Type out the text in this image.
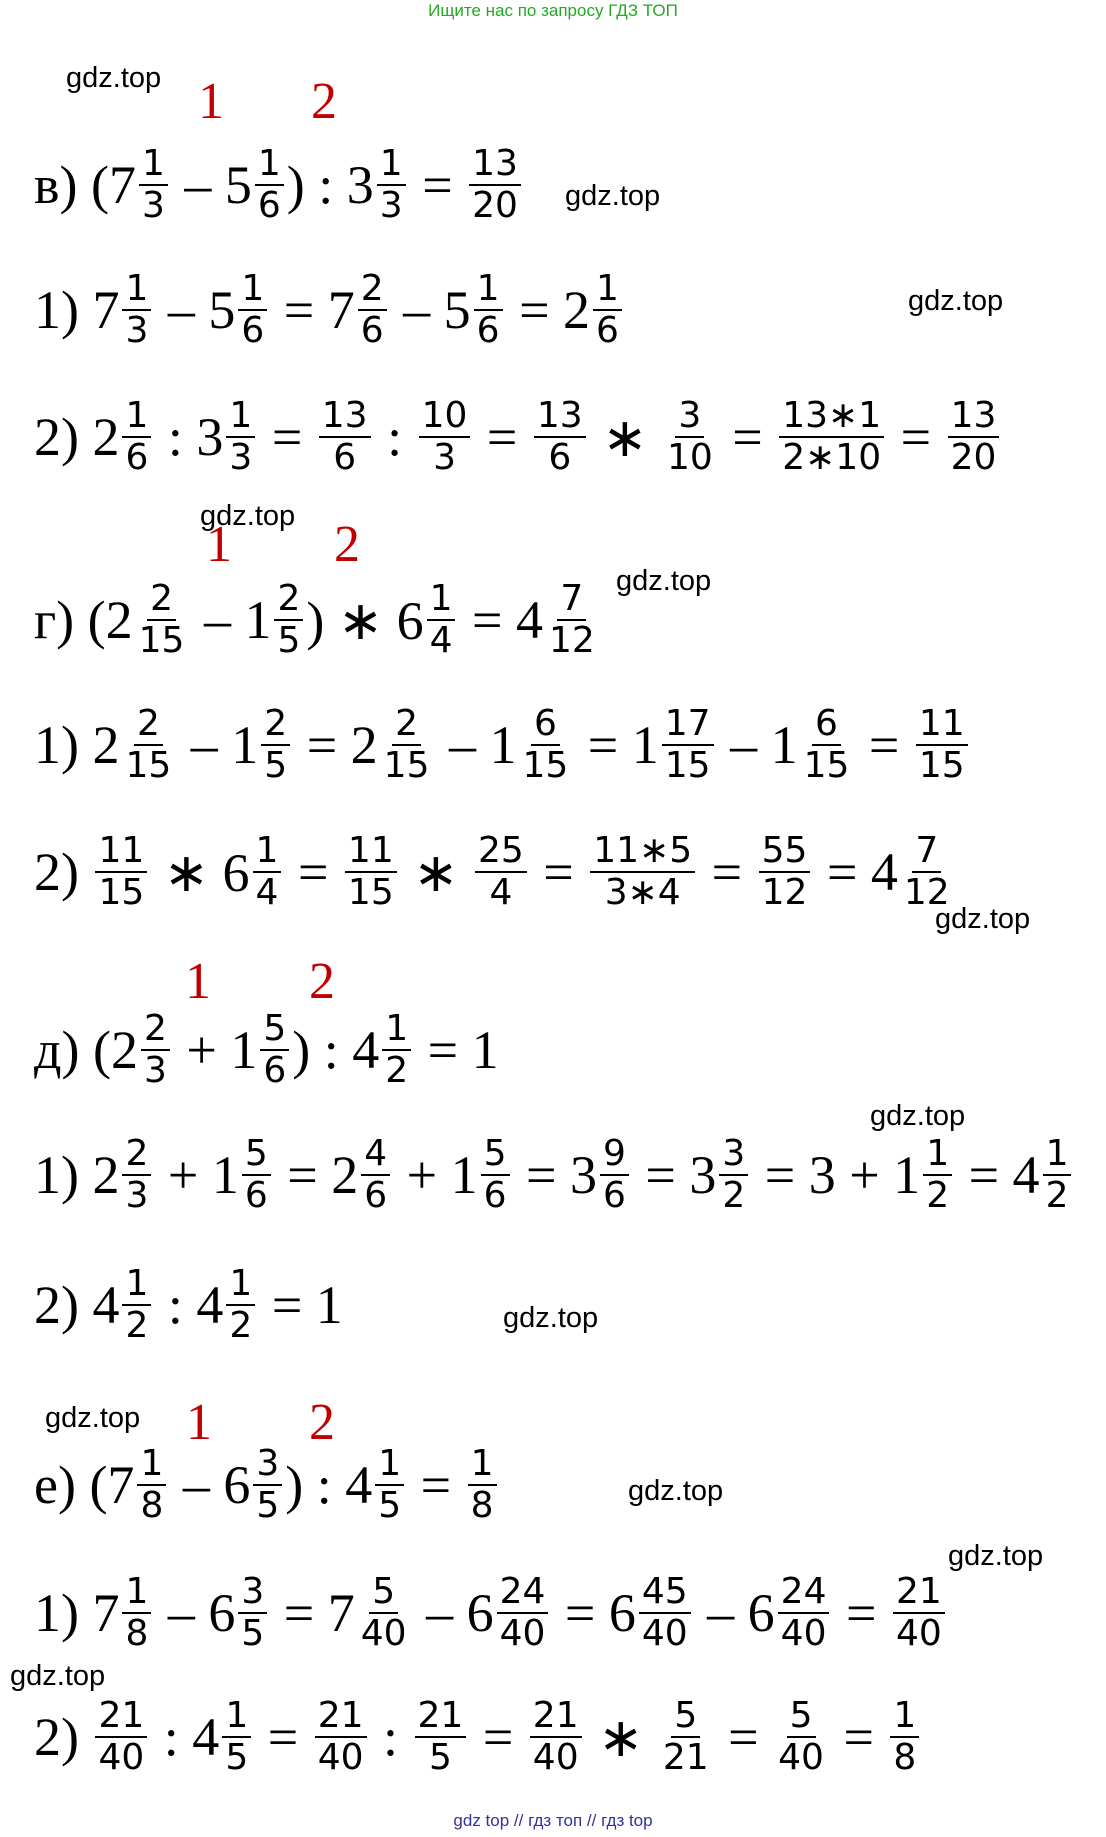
Ищите нас по запросу ГДЗ ТОП
gdz.top
gdz.top
gdz.top
gdz.top
gdz.top
gdz.top
gdz.top
gdz.top
gdz.top
gdz.top
gdz.top
gdz.top
1 2
1 2
1 2
1 2
в) ($7 \frac{1}{3} - 5 \frac{1}{6}$ ) : $3 \frac{1}{3} = \frac{13}{20}$
1) $7 \frac{1}{3} - 5 \frac{1}{6} = 7 \frac{2}{6} - 5 \frac{1}{6} = 2 \frac{1}{6}$
2) $2 \frac{1}{6}$ : $3 \frac{1}{3} = \frac{13}{6}$ : $\frac{10}{3} = \frac{13}{6}$ ∗ $\frac{3}{10} = \frac{13∗1}{2∗10} = \frac{13}{20}$
г) ($2 \frac{2}{15} - 1 \frac{2}{5}$ ) ∗ $6 \frac{1}{4} = 4 \frac{7}{12}$
1) $2 \frac{2}{15} - 1 \frac{2}{5} = 2 \frac{2}{15} - 1 \frac{6}{15} = 1 \frac{17}{15} - 1 \frac{6}{15} = \frac{11}{15}$
$2) \frac{11}{15}$ ∗ $6 \frac{1}{4} = \frac{11}{15}$ ∗ $\frac{25}{4} = \frac{11∗5}{3∗4} = \frac{55}{12} = 4 \frac{7}{12}$
д) ($2 \frac{2}{3} + 1 \frac{5}{6}$ ) : $4 \frac{1}{2} = 1$
1) $2 \frac{2}{3} + 1 \frac{5}{6} = 2 \frac{4}{6} + 1 \frac{5}{6} = 3 \frac{9}{6} = 3 \frac{3}{2} = 3 + 1 \frac{1}{2} = 4 \frac{1}{2}$
2) $4 \frac{1}{2}$ : $4 \frac{1}{2} = 1$
е) ($7 \frac{1}{8} - 6 \frac{3}{5}$ ) : $4 \frac{1}{5} = \frac{1}{8}$
1) $7 \frac{1}{8} - 6 \frac{3}{5} = 7 \frac{5}{40} - 6 \frac{24}{40} = 6 \frac{45}{40} - 6 \frac{24}{40} = \frac{21}{40}$
$2) \frac{21}{40}$ : $4 \frac{1}{5} = \frac{21}{40}$ : $\frac{21}{5} = \frac{21}{40}$ ∗ $\frac{5}{21} = \frac{5}{40} = \frac{1}{8}$
gdz top // гдз топ // гдз top
